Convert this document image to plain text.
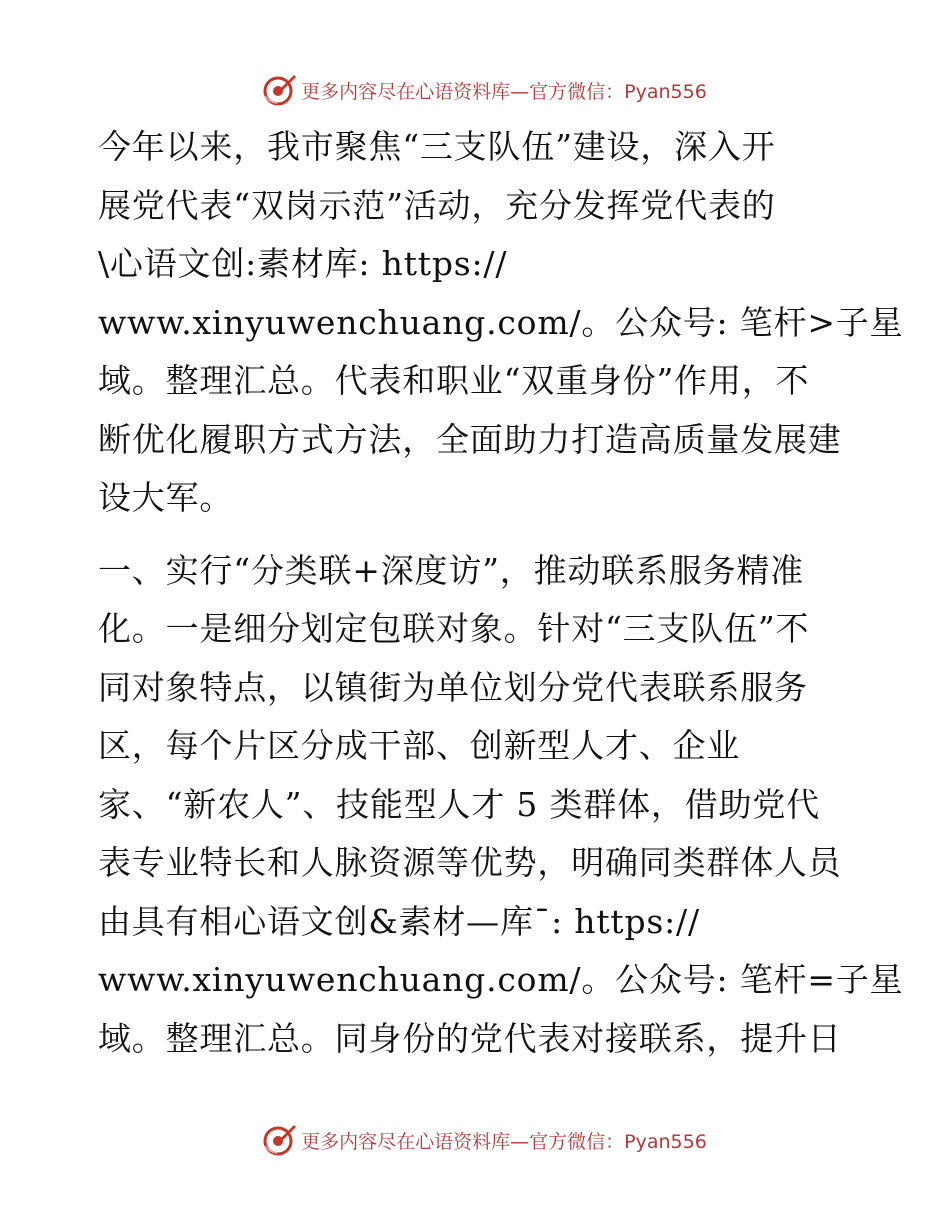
更多内容尽在心语资料库—官方微信：Pyan556

今年以来，我市聚焦“三支队伍”建设，深入开
展党代表“双岗示范”活动，充分发挥党代表的
\心语文创:素材库: https://
www.xinyuwenchuang.com/。公众号: 笔杆>子星
域。整理汇总。代表和职业“双重身份”作用，不
断优化履职方式方法，全面助力打造高质量发展建
设大军。

一、实行“分类联+深度访”，推动联系服务精准
化。一是细分划定包联对象。针对“三支队伍”不
同对象特点，以镇街为单位划分党代表联系服务
区，每个片区分成干部、创新型人才、企业
家、“新农人”、技能型人才 5 类群体，借助党代
表专业特长和人脉资源等优势，明确同类群体人员
由具有相心语文创&素材—库¯: https://
www.xinyuwenchuang.com/。公众号: 笔杆=子星
域。整理汇总。同身份的党代表对接联系，提升日

更多内容尽在心语资料库—官方微信：Pyan556
